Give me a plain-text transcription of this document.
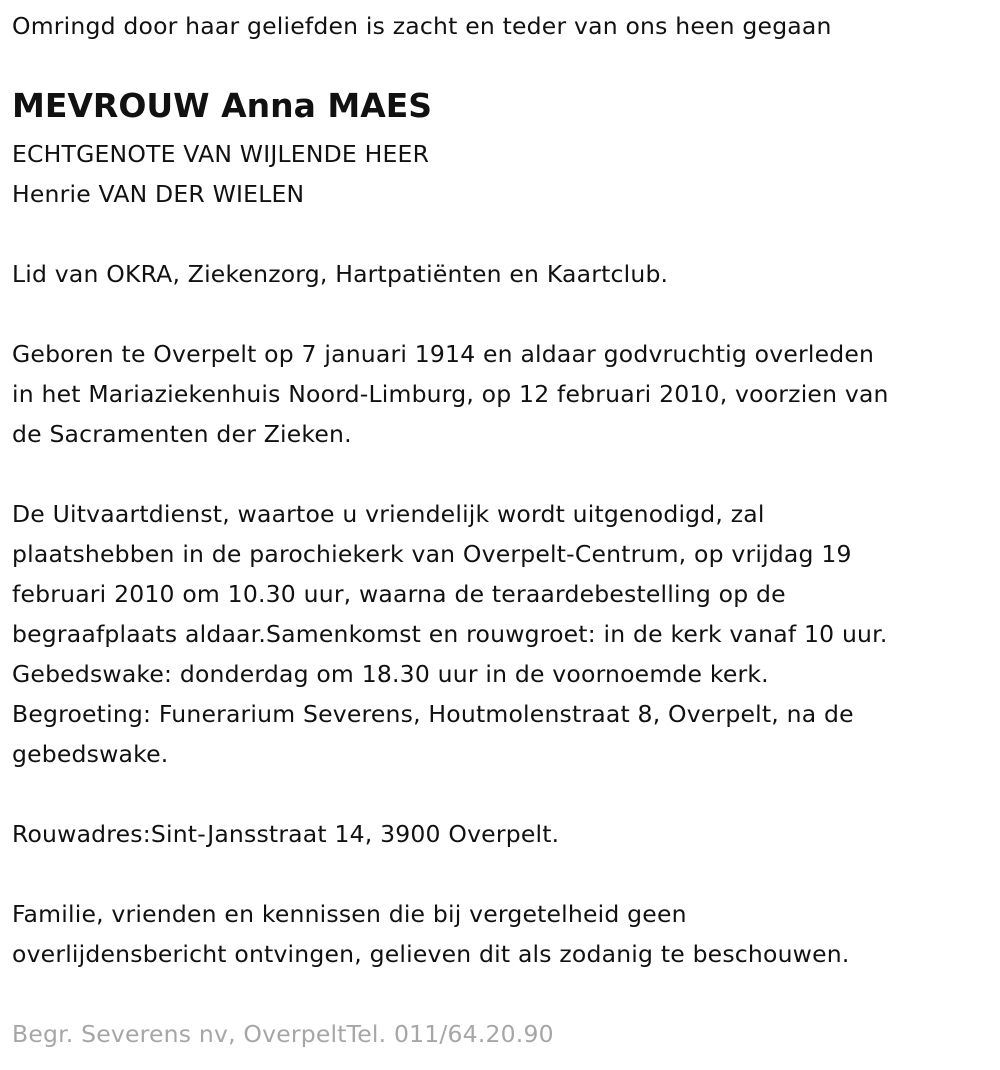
Omringd door haar geliefden is zacht en teder van ons heen gegaan
MEVROUW Anna MAES
ECHTGENOTE VAN WIJLENDE HEER
Henrie VAN DER WIELEN
Lid van OKRA, Ziekenzorg, Hartpatiënten en Kaartclub.
Geboren te Overpelt op 7 januari 1914 en aldaar godvruchtig overleden
in het Mariaziekenhuis Noord-Limburg, op 12 februari 2010, voorzien van
de Sacramenten der Zieken.
De Uitvaartdienst, waartoe u vriendelijk wordt uitgenodigd, zal
plaatshebben in de parochiekerk van Overpelt-Centrum, op vrijdag 19
februari 2010 om 10.30 uur, waarna de teraardebestelling op de
begraafplaats aldaar.Samenkomst en rouwgroet: in de kerk vanaf 10 uur.
Gebedswake: donderdag om 18.30 uur in de voornoemde kerk.
Begroeting: Funerarium Severens, Houtmolenstraat 8, Overpelt, na de
gebedswake.
Rouwadres:Sint-Jansstraat 14, 3900 Overpelt.
Familie, vrienden en kennissen die bij vergetelheid geen
overlijdensbericht ontvingen, gelieven dit als zodanig te beschouwen.
Begr. Severens nv, OverpeltTel. 011/64.20.90
